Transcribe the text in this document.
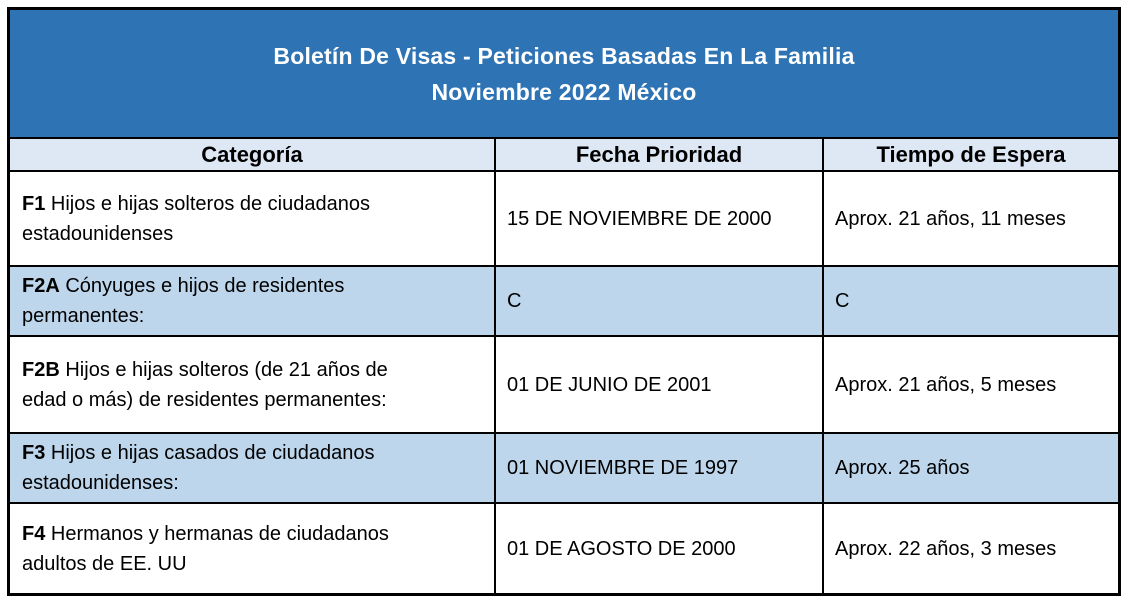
Boletín De Visas - Peticiones Basadas En La Familia
Noviembre 2022 México
Categoría	Fecha Prioridad	Tiempo de Espera
F1 Hijos e hijas solteros de ciudadanos estadounidenses	15 DE NOVIEMBRE DE 2000	Aprox. 21 años, 11 meses
F2A Cónyuges e hijos de residentes permanentes:	C	C
F2B Hijos e hijas solteros (de 21 años de edad o más) de residentes permanentes:	01 DE JUNIO DE 2001	Aprox. 21 años, 5 meses
F3 Hijos e hijas casados de ciudadanos estadounidenses:	01 NOVIEMBRE DE 1997	Aprox. 25 años
F4 Hermanos y hermanas de ciudadanos adultos de EE. UU	01 DE AGOSTO DE 2000	Aprox. 22 años, 3 meses
